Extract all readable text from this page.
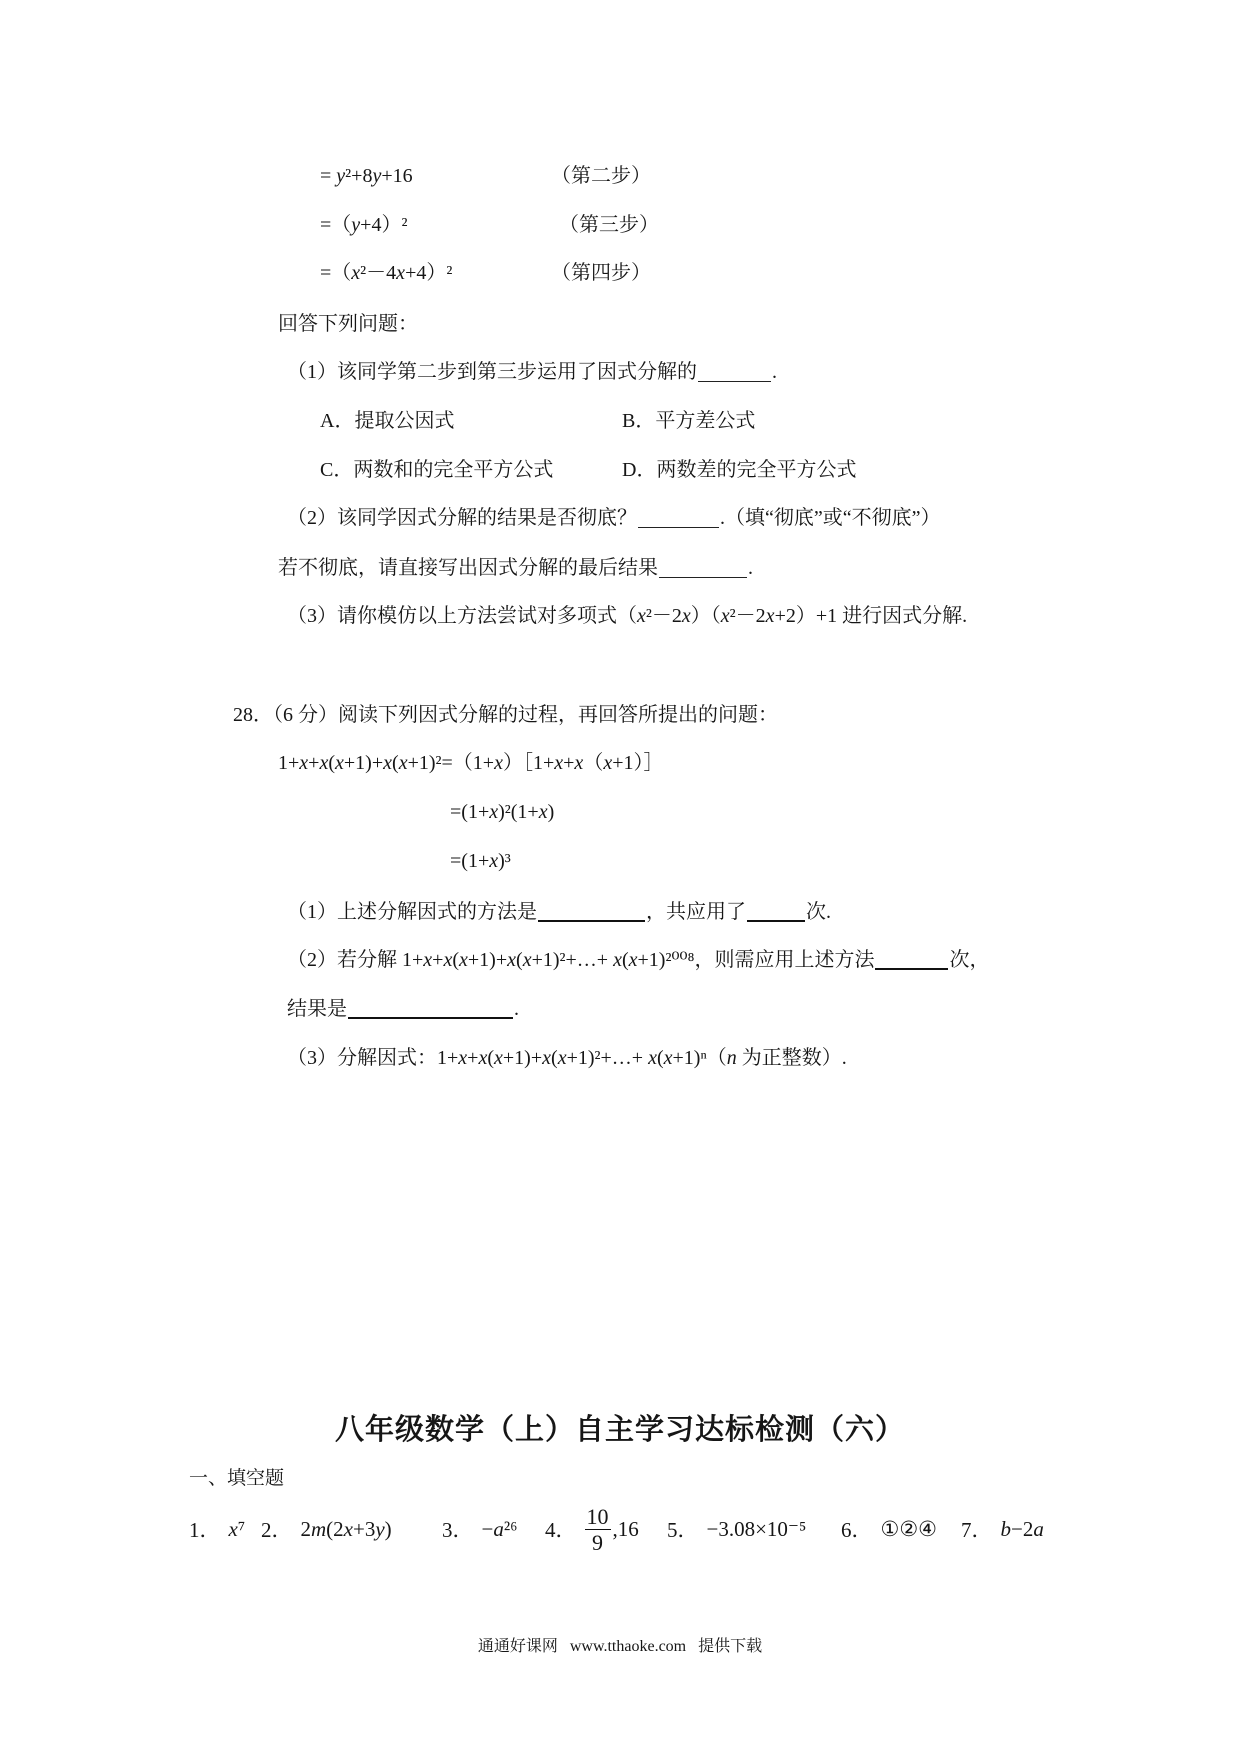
= y²+8y+16	（第二步）
=（y+4）²	（第三步）
=（x²－4x+4）²	（第四步）
回答下列问题：
（1）该同学第二步到第三步运用了因式分解的	.
A．提取公因式	B．平方差公式
C．两数和的完全平方公式	D．两数差的完全平方公式
（2）该同学因式分解的结果是否彻底？	.（填“彻底”或“不彻底”）
若不彻底，请直接写出因式分解的最后结果	.
（3）请你模仿以上方法尝试对多项式（x²－2x）（x²－2x+2）+1 进行因式分解.
28．（6 分）阅读下列因式分解的过程，再回答所提出的问题：
1+x+x(x+1)+x(x+1)²=（1+x）［1+x+x（x+1）］
=(1+x)²(1+x)
=(1+x)³
（1）上述分解因式的方法是	，共应用了	次.
（2）若分解 1+x+x(x+1)+x(x+1)²+…+ x(x+1)²⁰⁰⁸，则需应用上述方法	次，
结果是	.
（3）分解因式：1+x+x(x+1)+x(x+1)²+…+ x(x+1)ⁿ（n 为正整数）.
八年级数学（上）自主学习达标检测（六）
一、填空题
1． x⁷ 2． 2m(2x+3y) 3． −a²⁶ 4． $\frac{10}{9} ,16$ 5． −3.08×10⁻⁵ 6． ①②④ 7． b−2a
通通好课网 www.tthaoke.com 提供下载
